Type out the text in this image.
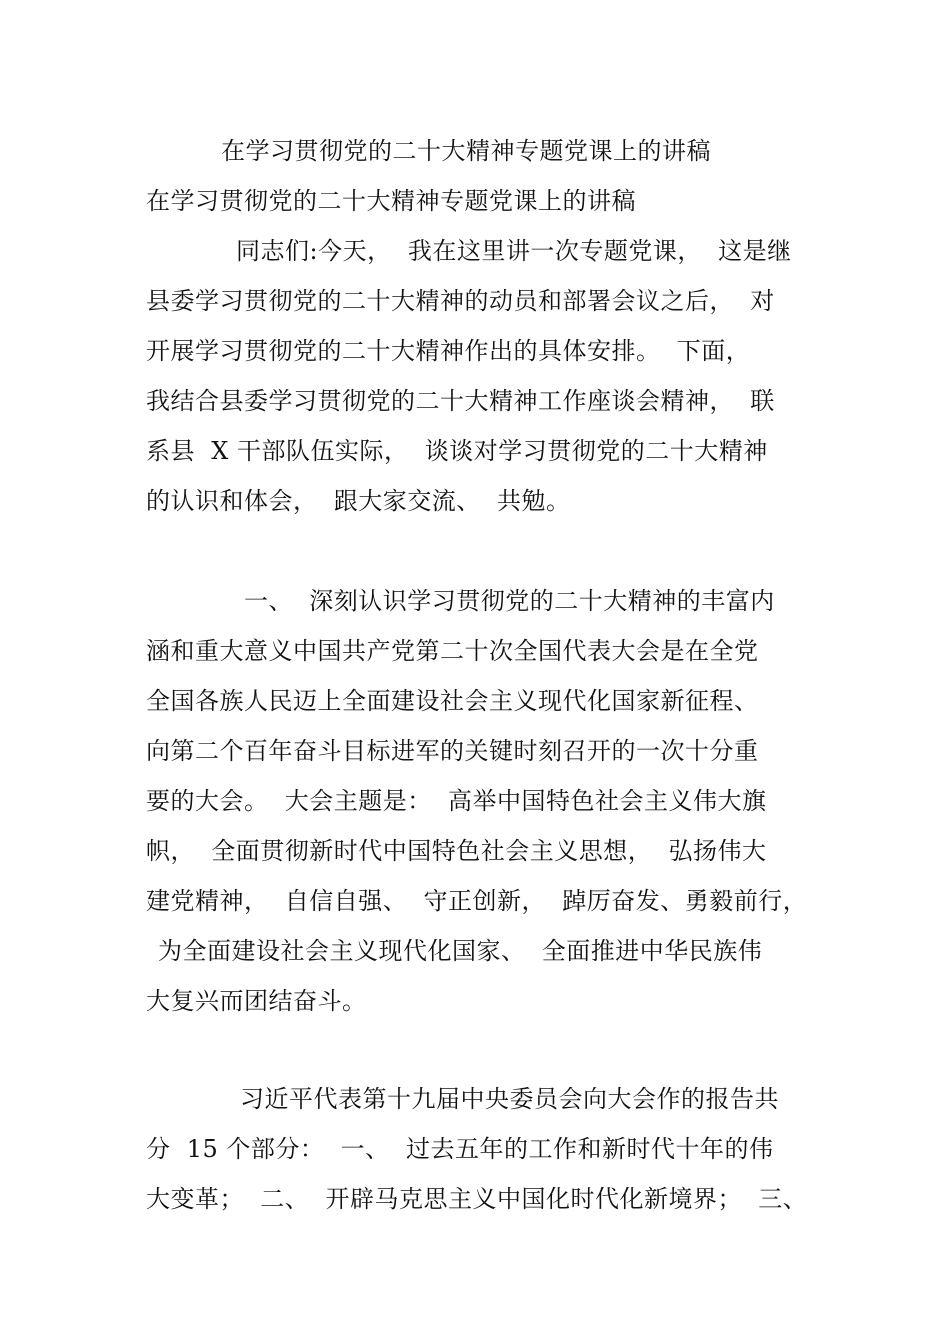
在学习贯彻党的二十大精神专题党课上的讲稿

在学习贯彻党的二十大精神专题党课上的讲稿

同志们:今天，  我在这里讲一次专题党课，  这是继

县委学习贯彻党的二十大精神的动员和部署会议之后，  对

开展学习贯彻党的二十大精神作出的具体安排。  下面，

我结合县委学习贯彻党的二十大精神工作座谈会精神，  联

系县  X 干部队伍实际，  谈谈对学习贯彻党的二十大精神

的认识和体会，  跟大家交流、  共勉。

一、  深刻认识学习贯彻党的二十大精神的丰富内

涵和重大意义中国共产党第二十次全国代表大会是在全党

全国各族人民迈上全面建设社会主义现代化国家新征程、

向第二个百年奋斗目标进军的关键时刻召开的一次十分重

要的大会。  大会主题是：  高举中国特色社会主义伟大旗

帜，  全面贯彻新时代中国特色社会主义思想，  弘扬伟大

建党精神，  自信自强、  守正创新，  踔厉奋发、勇毅前行，

为全面建设社会主义现代化国家、  全面推进中华民族伟

大复兴而团结奋斗。

习近平代表第十九届中央委员会向大会作的报告共

分  15 个部分：  一、  过去五年的工作和新时代十年的伟

大变革；  二、  开辟马克思主义中国化时代化新境界；  三、
